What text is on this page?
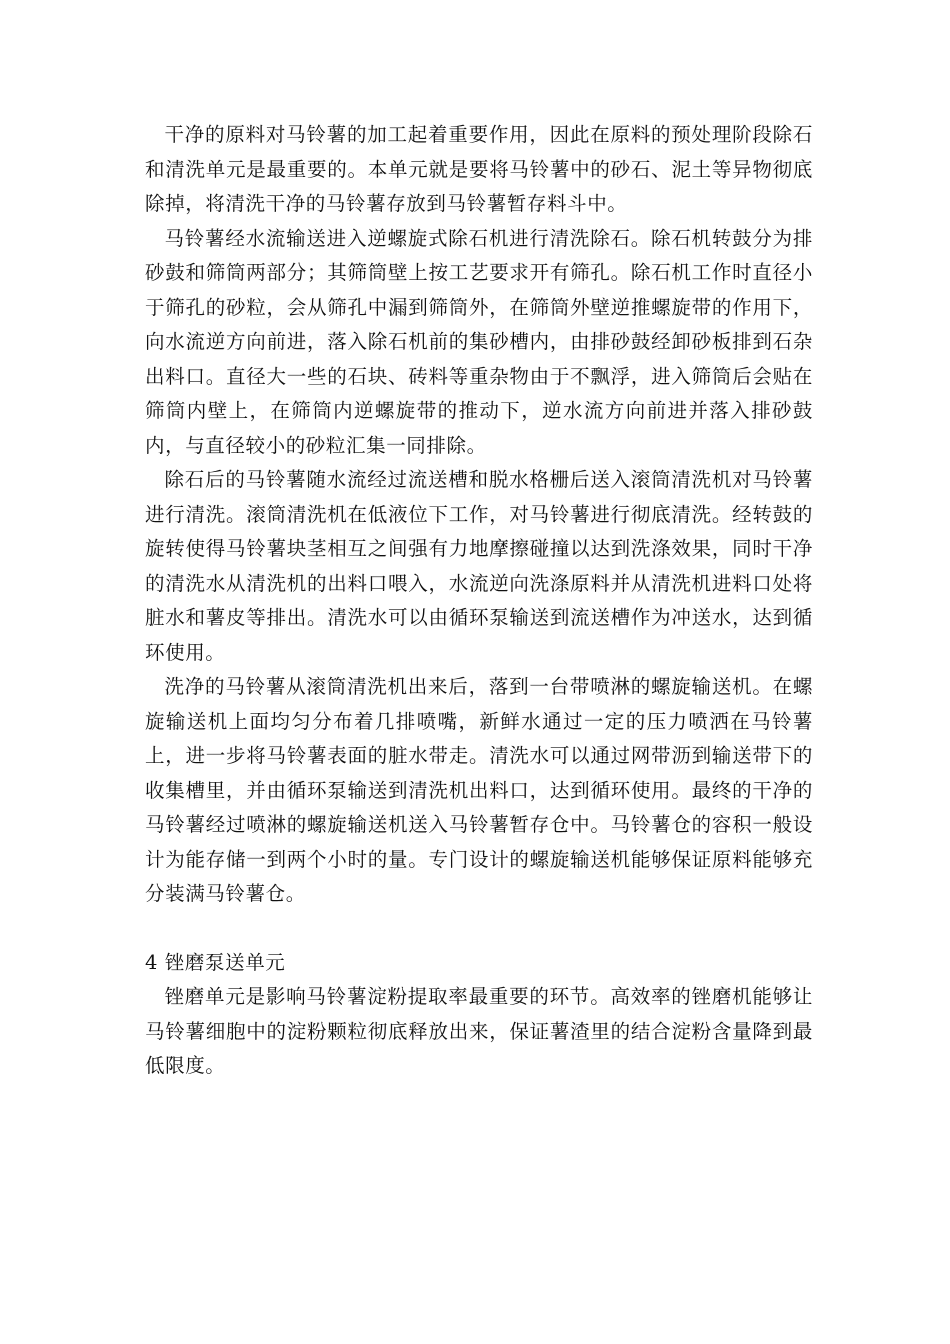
干净的原料对马铃薯的加工起着重要作用，因此在原料的预处理阶段除石和清洗单元是最重要的。本单元就是要将马铃薯中的砂石、泥土等异物彻底除掉，将清洗干净的马铃薯存放到马铃薯暂存料斗中。

马铃薯经水流输送进入逆螺旋式除石机进行清洗除石。除石机转鼓分为排砂鼓和筛筒两部分；其筛筒壁上按工艺要求开有筛孔。除石机工作时直径小于筛孔的砂粒，会从筛孔中漏到筛筒外，在筛筒外壁逆推螺旋带的作用下，向水流逆方向前进，落入除石机前的集砂槽内，由排砂鼓经卸砂板排到石杂出料口。直径大一些的石块、砖料等重杂物由于不飘浮，进入筛筒后会贴在筛筒内壁上，在筛筒内逆螺旋带的推动下，逆水流方向前进并落入排砂鼓内，与直径较小的砂粒汇集一同排除。

除石后的马铃薯随水流经过流送槽和脱水格栅后送入滚筒清洗机对马铃薯进行清洗。滚筒清洗机在低液位下工作，对马铃薯进行彻底清洗。经转鼓的旋转使得马铃薯块茎相互之间强有力地摩擦碰撞以达到洗涤效果，同时干净的清洗水从清洗机的出料口喂入，水流逆向洗涤原料并从清洗机进料口处将脏水和薯皮等排出。清洗水可以由循环泵输送到流送槽作为冲送水，达到循环使用。

洗净的马铃薯从滚筒清洗机出来后，落到一台带喷淋的螺旋输送机。在螺旋输送机上面均匀分布着几排喷嘴，新鲜水通过一定的压力喷洒在马铃薯上，进一步将马铃薯表面的脏水带走。清洗水可以通过网带沥到输送带下的收集槽里，并由循环泵输送到清洗机出料口，达到循环使用。最终的干净的马铃薯经过喷淋的螺旋输送机送入马铃薯暂存仓中。马铃薯仓的容积一般设计为能存储一到两个小时的量。专门设计的螺旋输送机能够保证原料能够充分装满马铃薯仓。

4 锉磨泵送单元

锉磨单元是影响马铃薯淀粉提取率最重要的环节。高效率的锉磨机能够让马铃薯细胞中的淀粉颗粒彻底释放出来，保证薯渣里的结合淀粉含量降到最低限度。
